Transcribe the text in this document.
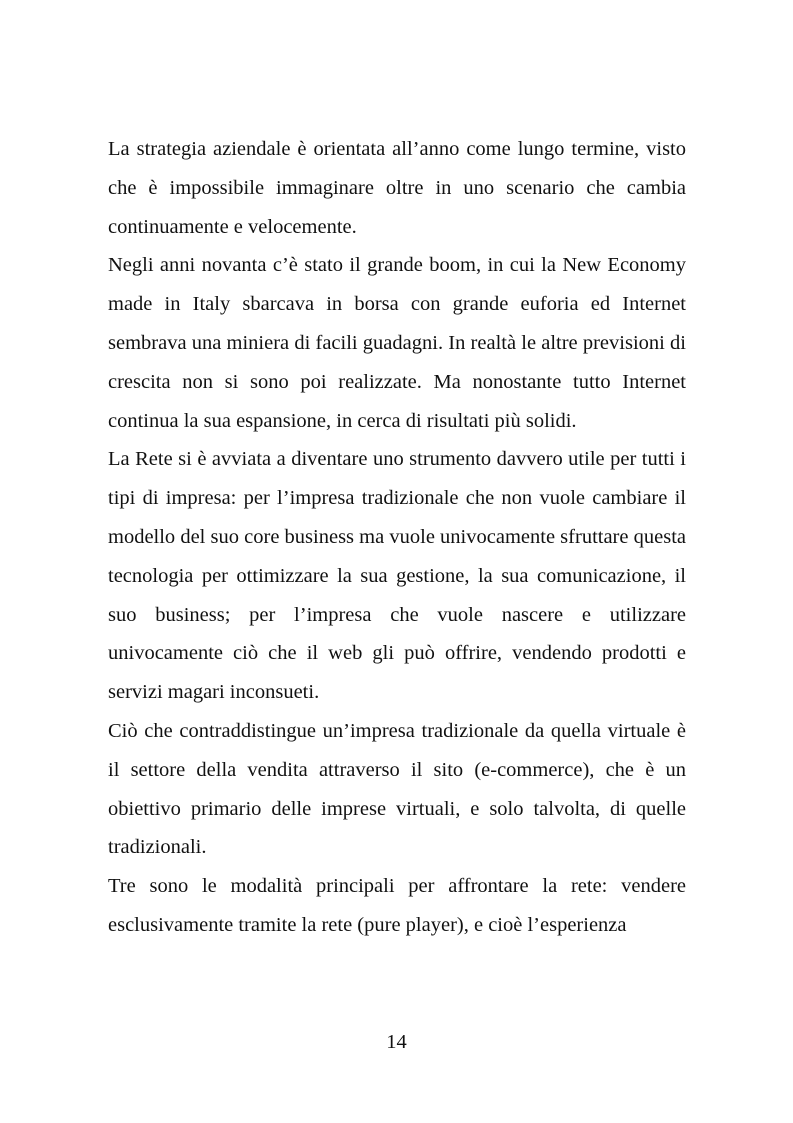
La strategia aziendale è orientata all’anno come lungo termine, visto che è impossibile immaginare oltre in uno scenario che cambia continuamente e velocemente.

Negli anni novanta c’è stato il grande boom, in cui la New Economy made in Italy sbarcava in borsa con grande euforia ed Internet sembrava una miniera di facili guadagni. In realtà le altre previsioni di crescita non si sono poi realizzate. Ma nonostante tutto Internet continua la sua espansione, in cerca di risultati più solidi.

La Rete si è avviata a diventare uno strumento davvero utile per tutti i tipi di impresa: per l’impresa tradizionale che non vuole cambiare il modello del suo core business ma vuole univocamente sfruttare questa tecnologia per ottimizzare la sua gestione, la sua comunicazione, il suo business; per l’impresa che vuole nascere e utilizzare univocamente ciò che il web gli può offrire, vendendo prodotti e servizi magari inconsueti.

Ciò che contraddistingue un’impresa tradizionale da quella virtuale è il settore della vendita attraverso il sito (e-commerce), che è un obiettivo primario delle imprese virtuali, e solo talvolta, di quelle tradizionali.

Tre sono le modalità principali per affrontare la rete: vendere esclusivamente tramite la rete (pure player), e cioè l’esperienza

14
